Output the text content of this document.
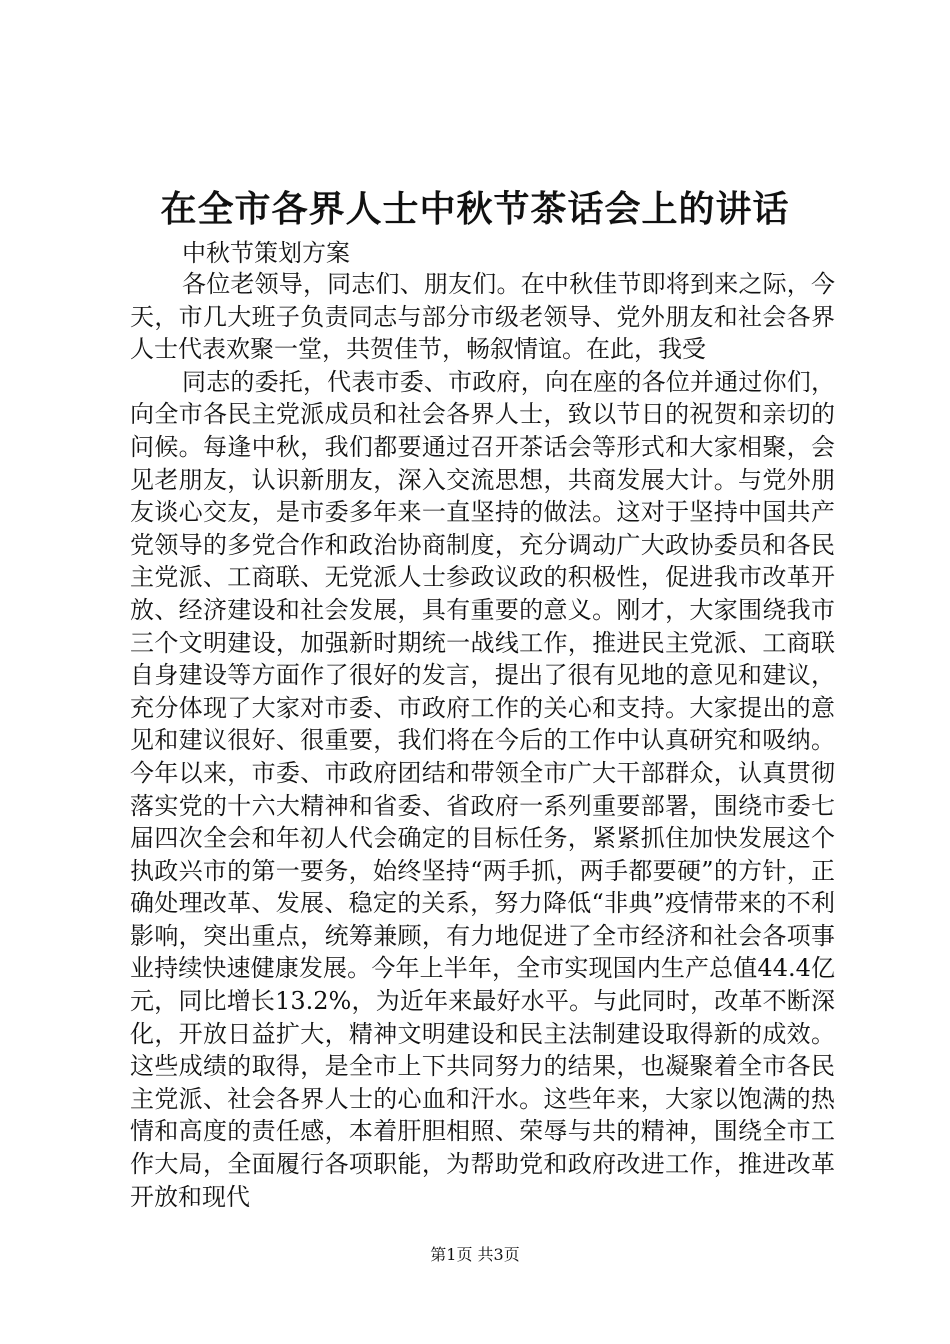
在全市各界人士中秋节茶话会上的讲话

中秋节策划方案

各位老领导，同志们、朋友们。在中秋佳节即将到来之际，今天，市几大班子负责同志与部分市级老领导、党外朋友和社会各界人士代表欢聚一堂，共贺佳节，畅叙情谊。在此，我受

同志的委托，代表市委、市政府，向在座的各位并通过你们，向全市各民主党派成员和社会各界人士，致以节日的祝贺和亲切的问候。每逢中秋，我们都要通过召开茶话会等形式和大家相聚，会见老朋友，认识新朋友，深入交流思想，共商发展大计。与党外朋友谈心交友，是市委多年来一直坚持的做法。这对于坚持中国共产党领导的多党合作和政治协商制度，充分调动广大政协委员和各民主党派、工商联、无党派人士参政议政的积极性，促进我市改革开放、经济建设和社会发展，具有重要的意义。刚才，大家围绕我市三个文明建设，加强新时期统一战线工作，推进民主党派、工商联自身建设等方面作了很好的发言，提出了很有见地的意见和建议，充分体现了大家对市委、市政府工作的关心和支持。大家提出的意见和建议很好、很重要，我们将在今后的工作中认真研究和吸纳。今年以来，市委、市政府团结和带领全市广大干部群众，认真贯彻落实党的十六大精神和省委、省政府一系列重要部署，围绕市委七届四次全会和年初人代会确定的目标任务，紧紧抓住加快发展这个执政兴市的第一要务，始终坚持“两手抓，两手都要硬”的方针，正确处理改革、发展、稳定的关系，努力降低“非典”疫情带来的不利影响，突出重点，统筹兼顾，有力地促进了全市经济和社会各项事业持续快速健康发展。今年上半年，全市实现国内生产总值44.4亿元，同比增长13.2%，为近年来最好水平。与此同时，改革不断深化，开放日益扩大，精神文明建设和民主法制建设取得新的成效。这些成绩的取得，是全市上下共同努力的结果，也凝聚着全市各民主党派、社会各界人士的心血和汗水。这些年来，大家以饱满的热情和高度的责任感，本着肝胆相照、荣辱与共的精神，围绕全市工作大局，全面履行各项职能，为帮助党和政府改进工作，推进改革开放和现代

第1页 共3页
